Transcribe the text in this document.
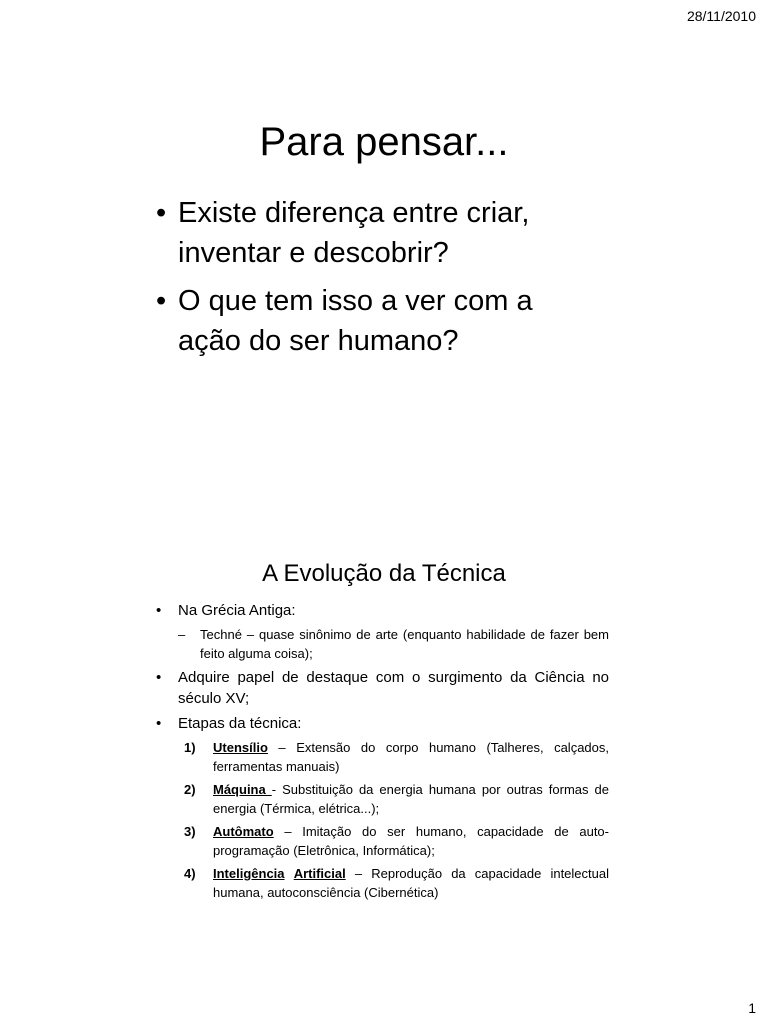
28/11/2010
Para pensar...
• Existe diferença entre criar, inventar e descobrir?
• O que tem isso a ver com a ação do ser humano?
A Evolução da Técnica
• Na Grécia Antiga:
– Techné – quase sinônimo de arte (enquanto habilidade de fazer bem feito alguma coisa);
• Adquire papel de destaque com o surgimento da Ciência no século XV;
• Etapas da técnica:
1) Utensílio – Extensão do corpo humano (Talheres, calçados, ferramentas manuais)
2) Máquina - Substituição da energia humana por outras formas de energia (Térmica, elétrica...);
3) Autômato – Imitação do ser humano, capacidade de auto-programação (Eletrônica, Informática);
4) Inteligência Artificial – Reprodução da capacidade intelectual humana, autoconsciência (Cibernética)
1
